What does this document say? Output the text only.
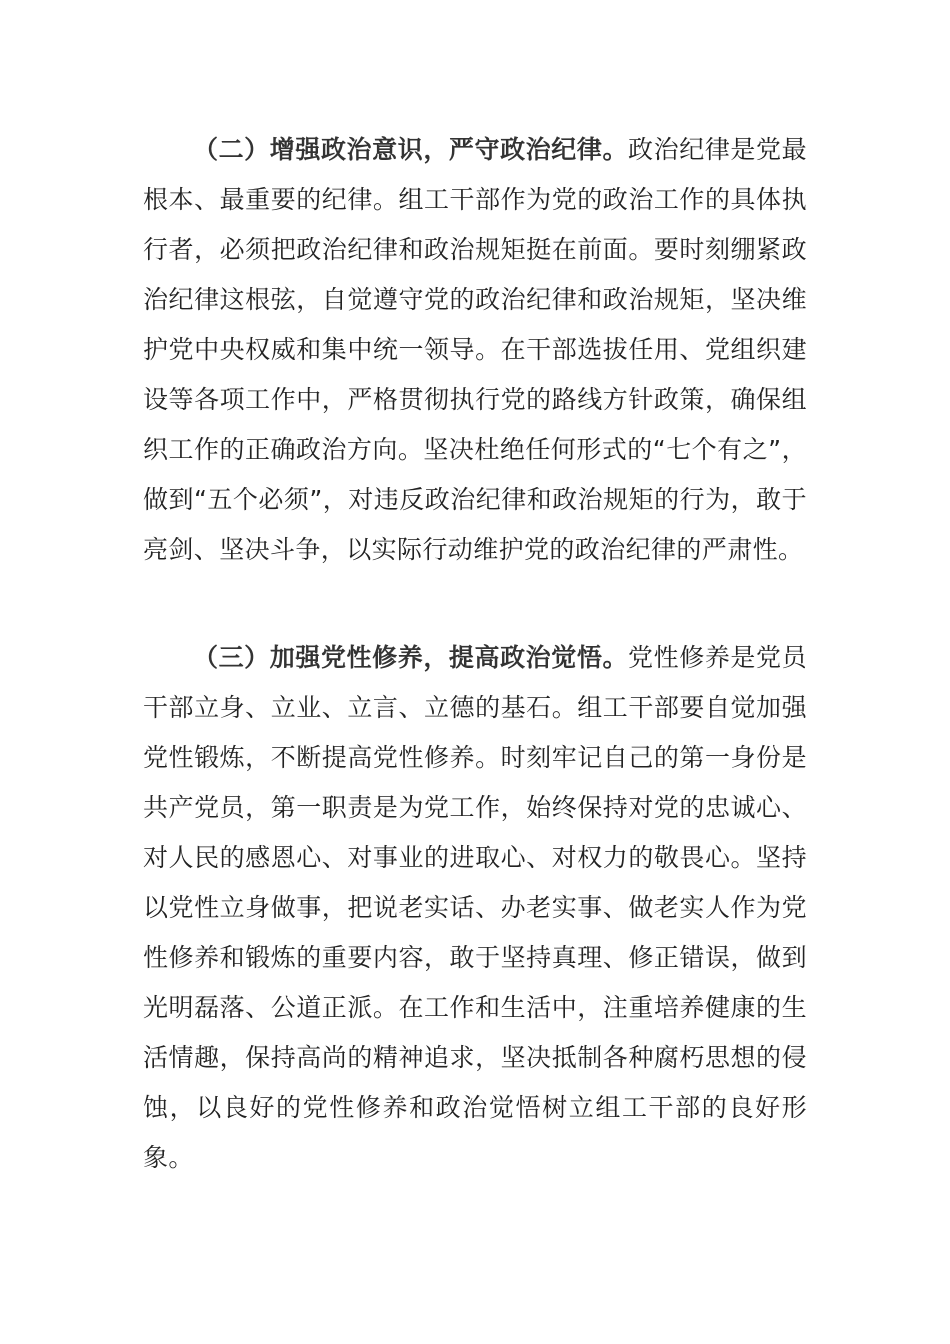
（二）增强政治意识，严守政治纪律。政治纪律是党最根本、最重要的纪律。组工干部作为党的政治工作的具体执行者，必须把政治纪律和政治规矩挺在前面。要时刻绷紧政治纪律这根弦，自觉遵守党的政治纪律和政治规矩，坚决维护党中央权威和集中统一领导。在干部选拔任用、党组织建设等各项工作中，严格贯彻执行党的路线方针政策，确保组织工作的正确政治方向。坚决杜绝任何形式的“七个有之”，做到“五个必须”，对违反政治纪律和政治规矩的行为，敢于亮剑、坚决斗争，以实际行动维护党的政治纪律的严肃性。

（三）加强党性修养，提高政治觉悟。党性修养是党员干部立身、立业、立言、立德的基石。组工干部要自觉加强党性锻炼，不断提高党性修养。时刻牢记自己的第一身份是共产党员，第一职责是为党工作，始终保持对党的忠诚心、对人民的感恩心、对事业的进取心、对权力的敬畏心。坚持以党性立身做事，把说老实话、办老实事、做老实人作为党性修养和锻炼的重要内容，敢于坚持真理、修正错误，做到光明磊落、公道正派。在工作和生活中，注重培养健康的生活情趣，保持高尚的精神追求，坚决抵制各种腐朽思想的侵蚀，以良好的党性修养和政治觉悟树立组工干部的良好形象。
